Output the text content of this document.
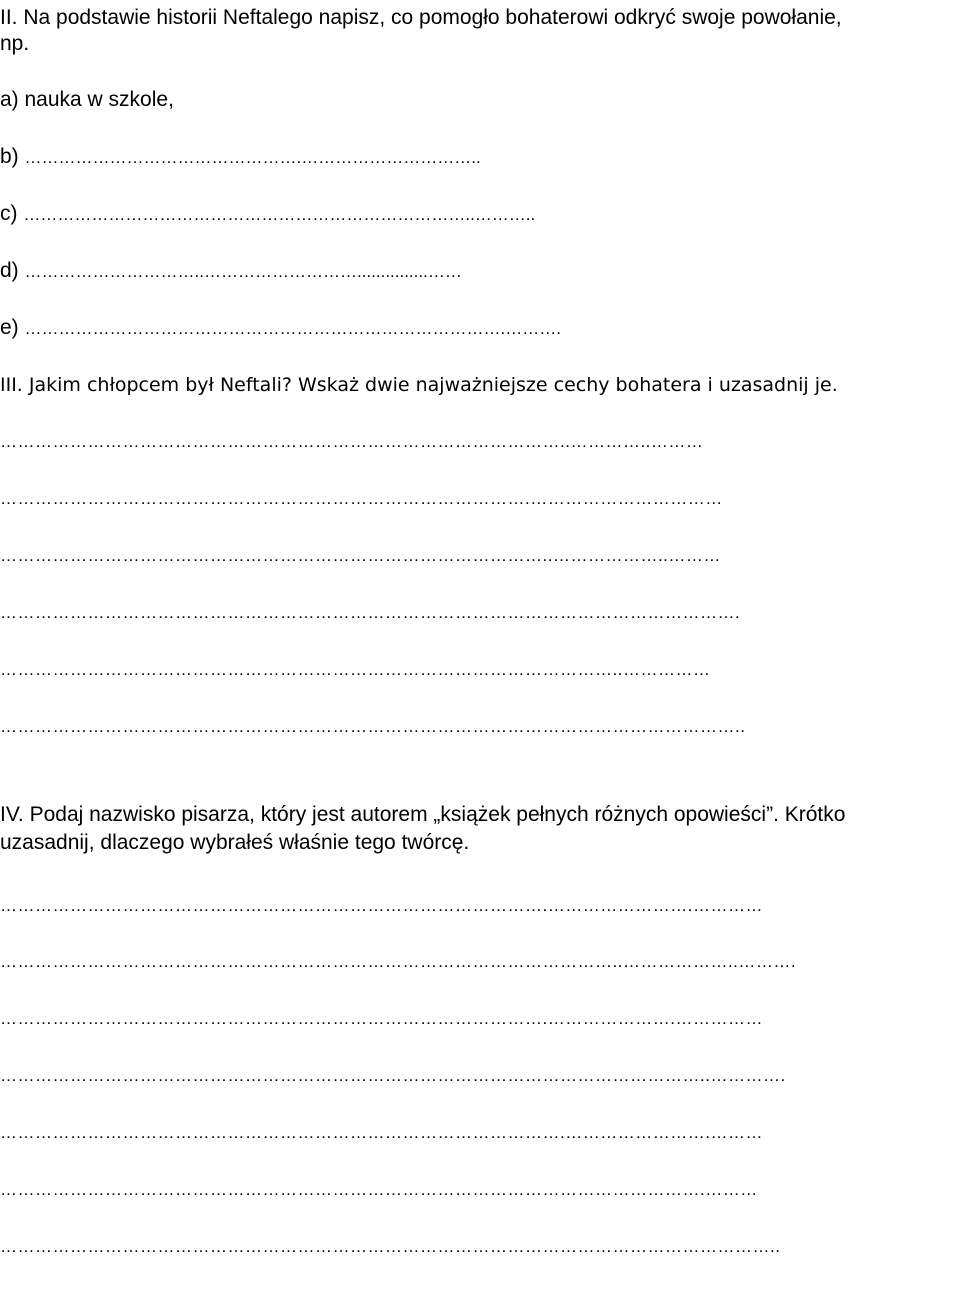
II. Na podstawie historii Neftalego napisz, co pomogło bohaterowi odkryć swoje powołanie,
np.
a) nauka w szkole,
b) ………………………………………….…………………………..
c) ……………………………………………………………………..………..
d) …………………………..………………………...............……
e) ………………………………………………………………………….……….
III. Jakim chłopcem był Neftali? Wskaż dwie najważniejsze cechy bohatera i uzasadnij je.
……………………………………………………………………………………..…………..………
……………………………………………………………………………….……………………………
…………………………………………………………………………………..………………..………
……………………………………………………………………………………………………………….
……………………………………………………………………………………………..……………
………………………………………………………………………………………………………………..
IV. Podaj nazwisko pisarza, który jest autorem „książek pełnych różnych opowieści”. Krótko
uzasadnij, dlaczego wybrałeś właśnie tego twórcę.
………………………………………………………………………………….…………………….…………
……………………………………………………………………………………………..………………..……….
………………………………………………………………………………….………………….……………
…………………………………………………………………………………………………………..………….
…………………………………………………………………………………….…………………….………
………………………………………………………………………………………………………….………
……………………………………………………………………………………………………………………..
